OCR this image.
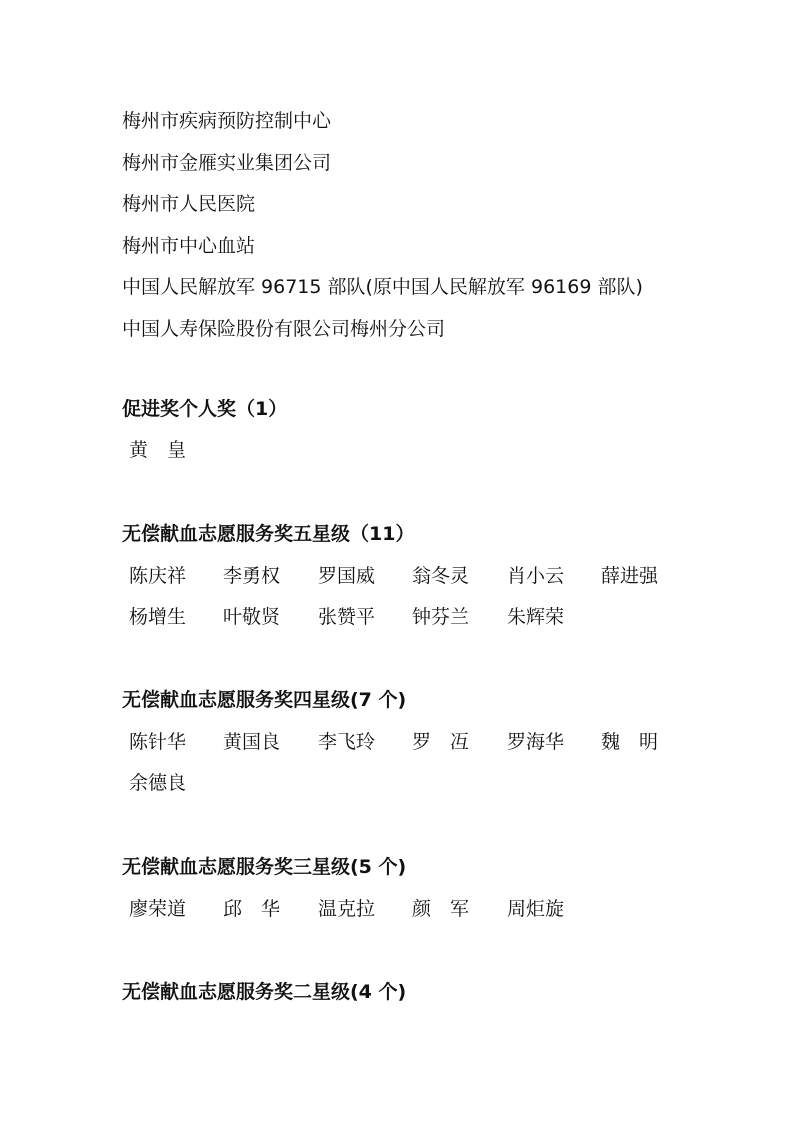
梅州市疾病预防控制中心
梅州市金雁实业集团公司
梅州市人民医院
梅州市中心血站
中国人民解放军 96715 部队(原中国人民解放军 96169 部队)
中国人寿保险股份有限公司梅州分公司
促进奖个人奖（1）
黄　皇
无偿献血志愿服务奖五星级（11）
陈庆祥 李勇权 罗国威 翁冬灵 肖小云 薛进强
杨增生 叶敬贤 张赞平 钟芬兰 朱辉荣
无偿献血志愿服务奖四星级(7 个)
陈针华 黄国良 李飞玲 罗　冱 罗海华 魏　明
余德良
无偿献血志愿服务奖三星级(5 个)
廖荣道 邱　华 温克拉 颜　军 周炬旋
无偿献血志愿服务奖二星级(4 个)
